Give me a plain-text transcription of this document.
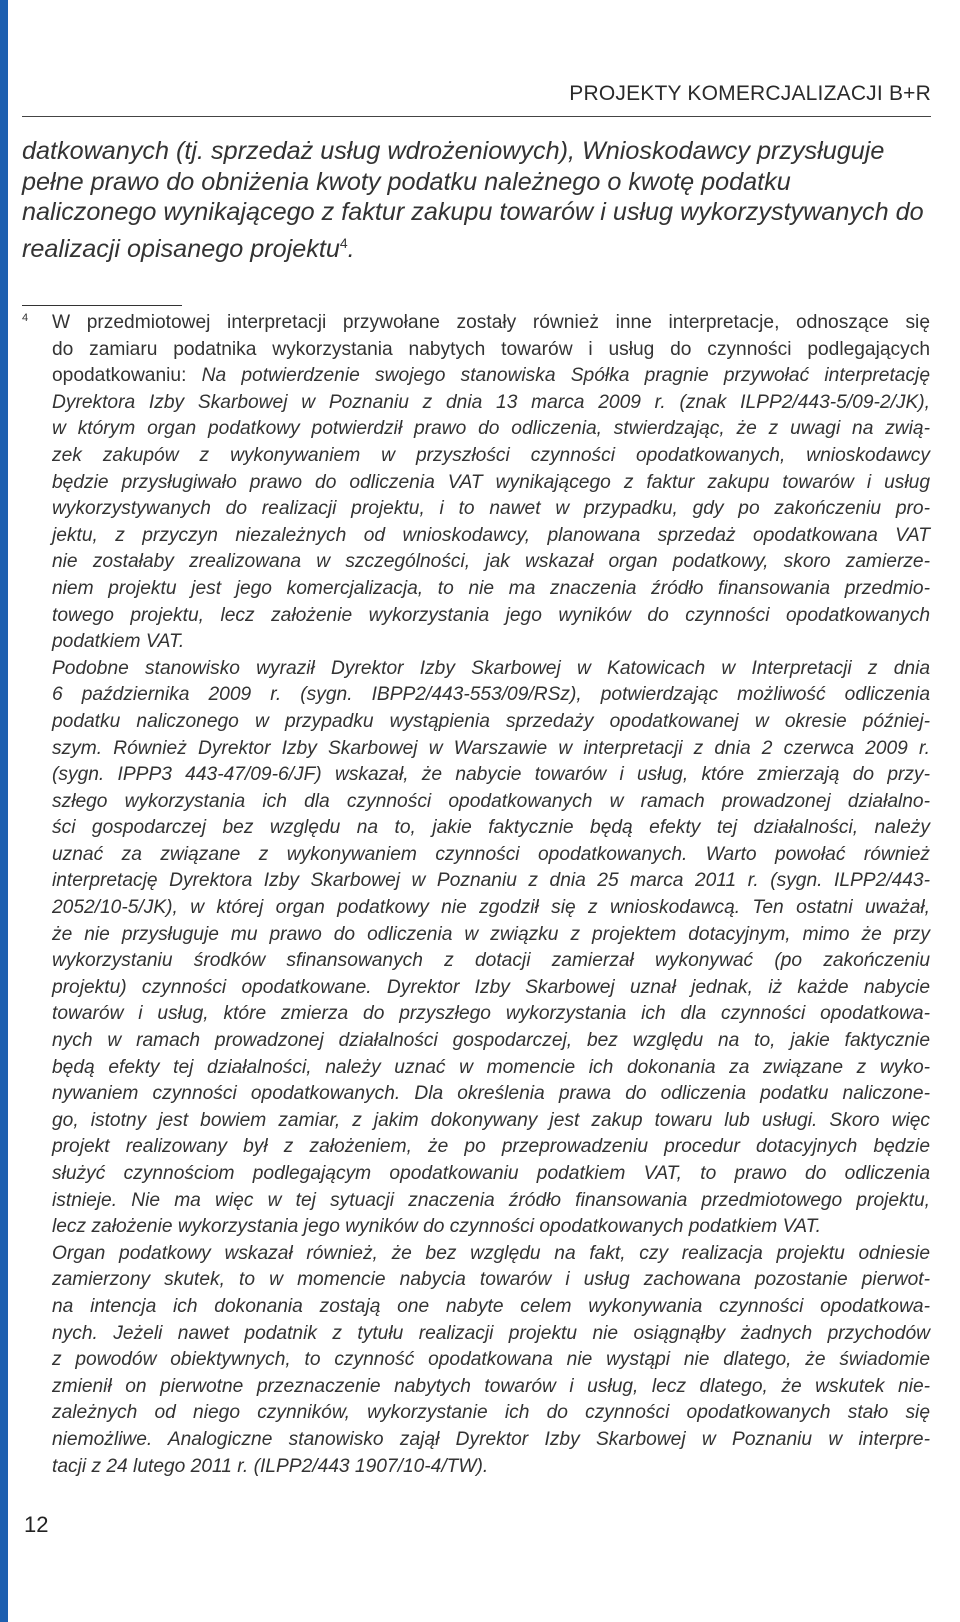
PROJEKTY KOMERCJALIZACJI B+R
datkowanych (tj. sprzedaż usług wdrożeniowych), Wnioskodawcy przysługuje pełne prawo do obniżenia kwoty podatku należnego o kwotę podatku naliczonego wynikającego z faktur zakupu towarów i usług wykorzystywanych do realizacji opisanego projektu$^4$.
4 W przedmiotowej interpretacji przywołane zostały również inne interpretacje, odnoszące się
do zamiaru podatnika wykorzystania nabytych towarów i usług do czynności podlegających
opodatkowaniu: Na potwierdzenie swojego stanowiska Spółka pragnie przywołać interpretację
Dyrektora Izby Skarbowej w Poznaniu z dnia 13 marca 2009 r. (znak ILPP2/443-5/09-2/JK),
w którym organ podatkowy potwierdził prawo do odliczenia, stwierdzając, że z uwagi na zwią-
zek zakupów z wykonywaniem w przyszłości czynności opodatkowanych, wnioskodawcy
będzie przysługiwało prawo do odliczenia VAT wynikającego z faktur zakupu towarów i usług
wykorzystywanych do realizacji projektu, i to nawet w przypadku, gdy po zakończeniu pro-
jektu, z przyczyn niezależnych od wnioskodawcy, planowana sprzedaż opodatkowana VAT
nie zostałaby zrealizowana w szczególności, jak wskazał organ podatkowy, skoro zamierze-
niem projektu jest jego komercjalizacja, to nie ma znaczenia źródło finansowania przedmio-
towego projektu, lecz założenie wykorzystania jego wyników do czynności opodatkowanych
podatkiem VAT.
Podobne stanowisko wyraził Dyrektor Izby Skarbowej w Katowicach w Interpretacji z dnia
6 października 2009 r. (sygn. IBPP2/443-553/09/RSz), potwierdzając możliwość odliczenia
podatku naliczonego w przypadku wystąpienia sprzedaży opodatkowanej w okresie później-
szym. Również Dyrektor Izby Skarbowej w Warszawie w interpretacji z dnia 2 czerwca 2009 r.
(sygn. IPPP3 443-47/09-6/JF) wskazał, że nabycie towarów i usług, które zmierzają do przy-
szłego wykorzystania ich dla czynności opodatkowanych w ramach prowadzonej działalno-
ści gospodarczej bez względu na to, jakie faktycznie będą efekty tej działalności, należy
uznać za związane z wykonywaniem czynności opodatkowanych. Warto powołać również
interpretację Dyrektora Izby Skarbowej w Poznaniu z dnia 25 marca 2011 r. (sygn. ILPP2/443-
2052/10-5/JK), w której organ podatkowy nie zgodził się z wnioskodawcą. Ten ostatni uważał,
że nie przysługuje mu prawo do odliczenia w związku z projektem dotacyjnym, mimo że przy
wykorzystaniu środków sfinansowanych z dotacji zamierzał wykonywać (po zakończeniu
projektu) czynności opodatkowane. Dyrektor Izby Skarbowej uznał jednak, iż każde nabycie
towarów i usług, które zmierza do przyszłego wykorzystania ich dla czynności opodatkowa-
nych w ramach prowadzonej działalności gospodarczej, bez względu na to, jakie faktycznie
będą efekty tej działalności, należy uznać w momencie ich dokonania za związane z wyko-
nywaniem czynności opodatkowanych. Dla określenia prawa do odliczenia podatku naliczone-
go, istotny jest bowiem zamiar, z jakim dokonywany jest zakup towaru lub usługi. Skoro więc
projekt realizowany był z założeniem, że po przeprowadzeniu procedur dotacyjnych będzie
służyć czynnościom podlegającym opodatkowaniu podatkiem VAT, to prawo do odliczenia
istnieje. Nie ma więc w tej sytuacji znaczenia źródło finansowania przedmiotowego projektu,
lecz założenie wykorzystania jego wyników do czynności opodatkowanych podatkiem VAT.
Organ podatkowy wskazał również, że bez względu na fakt, czy realizacja projektu odniesie
zamierzony skutek, to w momencie nabycia towarów i usług zachowana pozostanie pierwot-
na intencja ich dokonania zostają one nabyte celem wykonywania czynności opodatkowa-
nych. Jeżeli nawet podatnik z tytułu realizacji projektu nie osiągnąłby żadnych przychodów
z powodów obiektywnych, to czynność opodatkowana nie wystąpi nie dlatego, że świadomie
zmienił on pierwotne przeznaczenie nabytych towarów i usług, lecz dlatego, że wskutek nie-
zależnych od niego czynników, wykorzystanie ich do czynności opodatkowanych stało się
niemożliwe. Analogiczne stanowisko zajął Dyrektor Izby Skarbowej w Poznaniu w interpre-
tacji z 24 lutego 2011 r. (ILPP2/443 1907/10-4/TW).
12
